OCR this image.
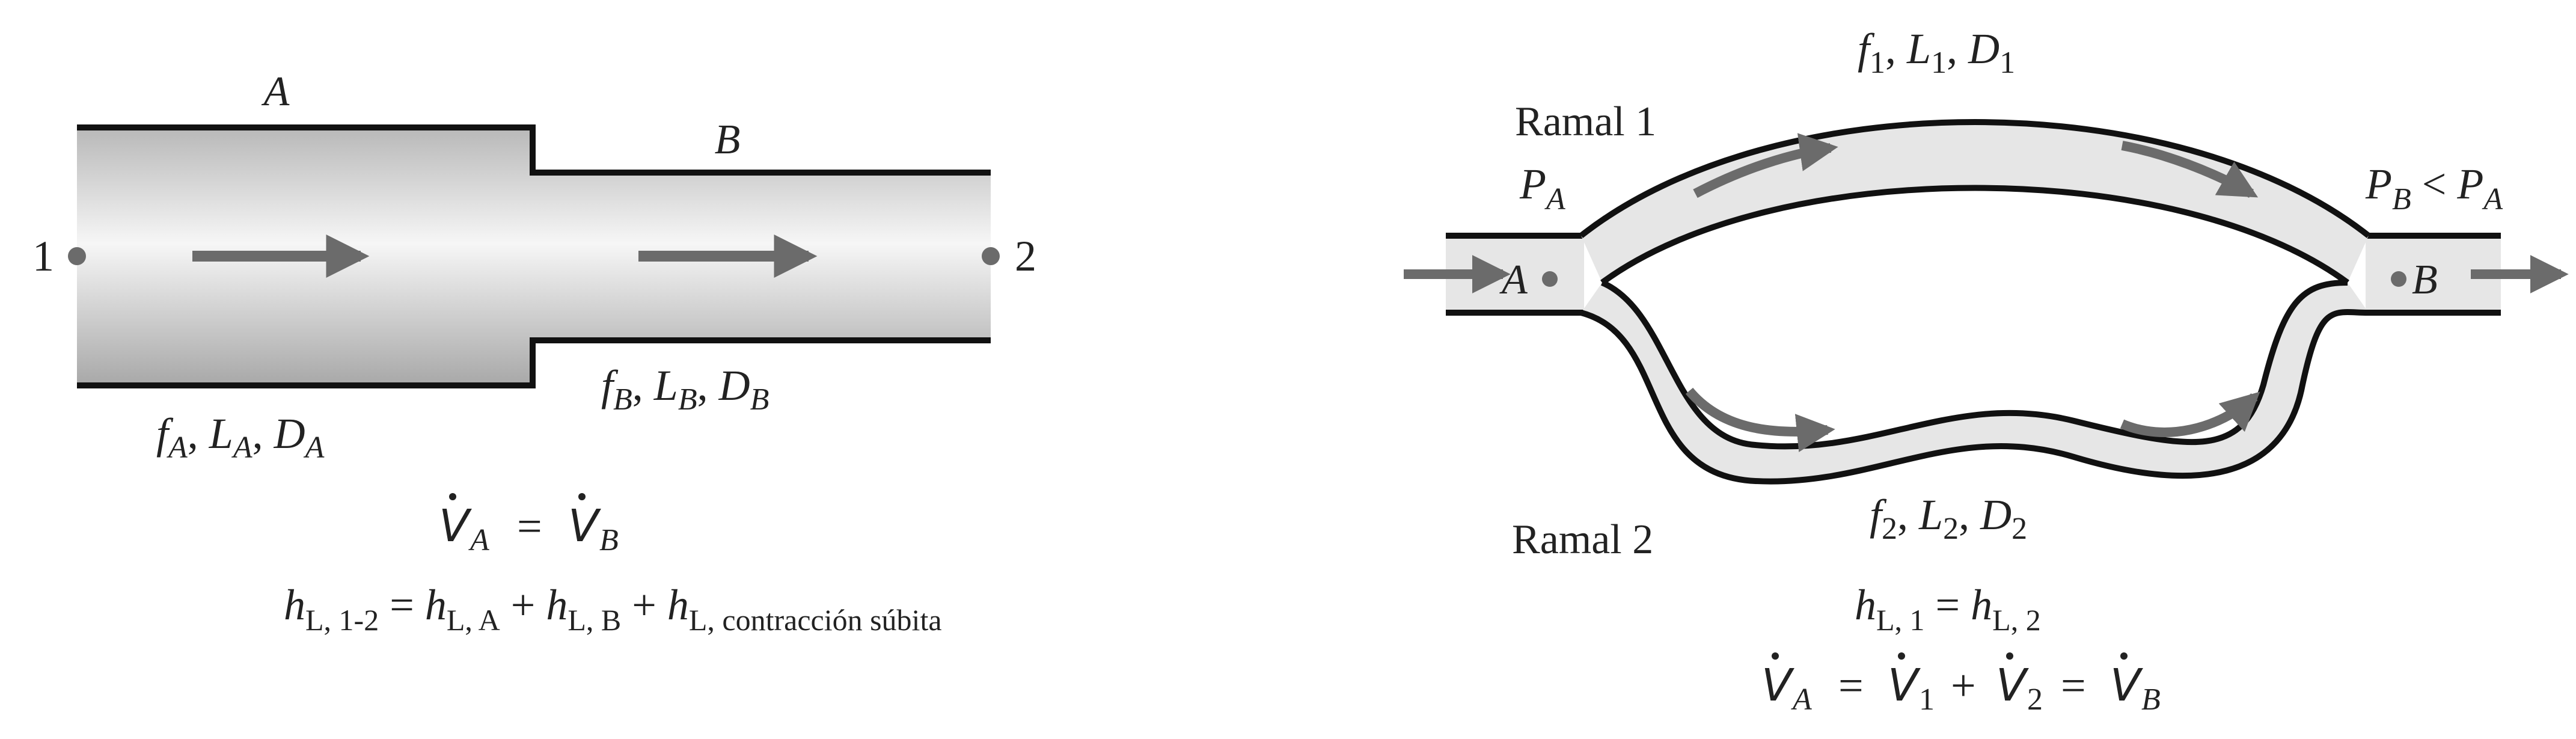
A
B
1	2
$f_A$, $L_A$, $D_A$
$f_B$, $L_B$, $D_B$
V A = V B
$h_{L, 1-2} = h_{L, A} + h_{L, B} + h_{L, contracción súbita}$
A	B
Ramal 1
Ramal 2
$P_A$	$P_B < P_A$
$f_1$, $L_1$, $D_1$
$f_2$, $L_2$, $D_2$
$h_{L, 1} = h_{L, 2}$
V A = V 1 + V 2 = V B
